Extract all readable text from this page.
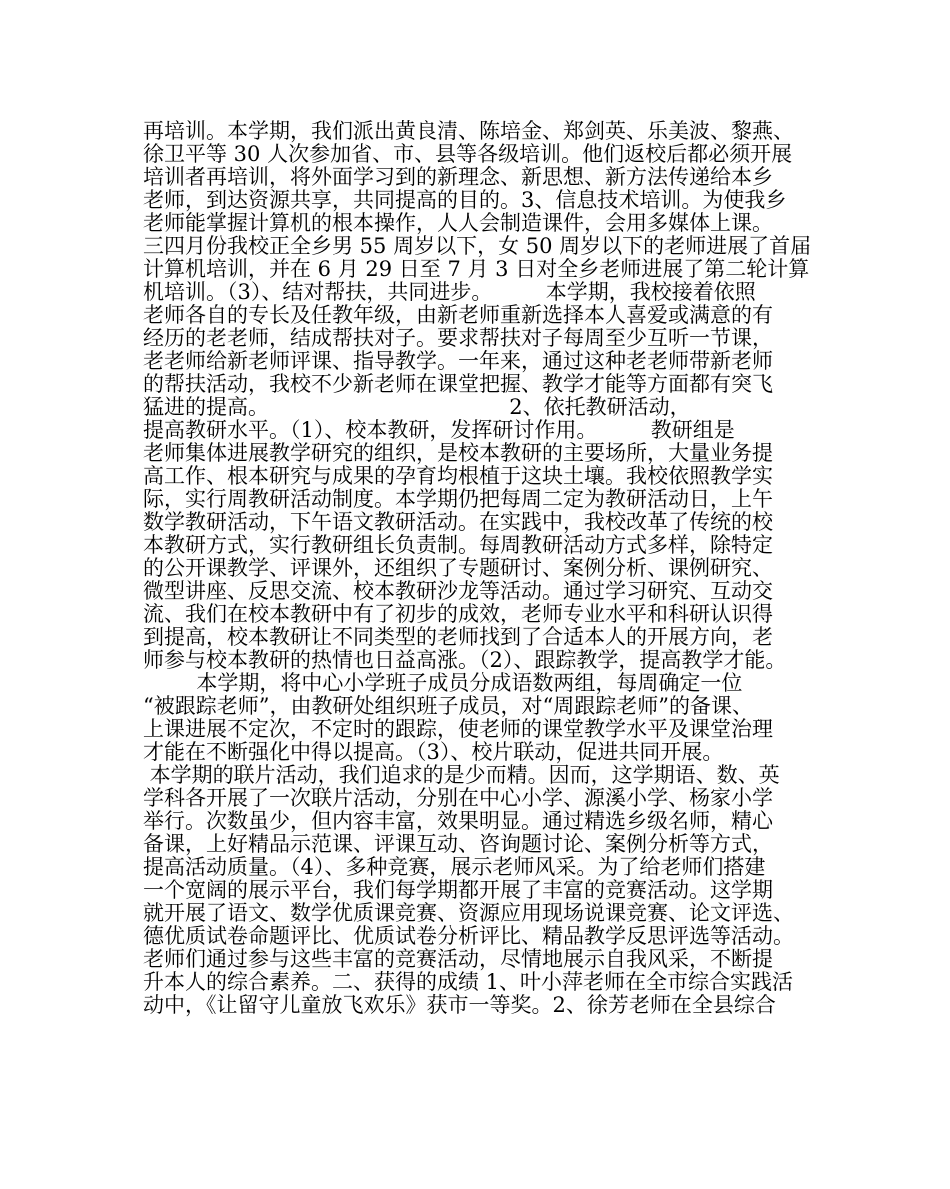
再培训。本学期，我们派出黄良清、陈培金、郑剑英、乐美波、黎燕、
徐卫平等 30 人次参加省、市、县等各级培训。他们返校后都必须开展
培训者再培训，将外面学习到的新理念、新思想、新方法传递给本乡
老师，到达资源共享，共同提高的目的。3、信息技术培训。为使我乡
老师能掌握计算机的根本操作，人人会制造课件，会用多媒体上课。
三四月份我校正全乡男 55 周岁以下，女 50 周岁以下的老师进展了首届
计算机培训，并在 6 月 29 日至 7 月 3 日对全乡老师进展了第二轮计算
机培训。（3）、结对帮扶，共同进步。        本学期，我校接着依照
老师各自的专长及任教年级，由新老师重新选择本人喜爱或满意的有
经历的老老师，结成帮扶对子。要求帮扶对子每周至少互听一节课，
老老师给新老师评课、指导教学。一年来，通过这种老老师带新老师
的帮扶活动，我校不少新老师在课堂把握、教学才能等方面都有突飞
猛进的提高。                                    2、依托教研活动，
提高教研水平。（1）、校本教研，发挥研讨作用。        教研组是
老师集体进展教学研究的组织，是校本教研的主要场所，大量业务提
高工作、根本研究与成果的孕育均根植于这块土壤。我校依照教学实
际，实行周教研活动制度。本学期仍把每周二定为教研活动日，上午
数学教研活动，下午语文教研活动。在实践中，我校改革了传统的校
本教研方式，实行教研组长负责制。每周教研活动方式多样，除特定
的公开课教学、评课外，还组织了专题研讨、案例分析、课例研究、
微型讲座、反思交流、校本教研沙龙等活动。通过学习研究、互动交
流、我们在校本教研中有了初步的成效，老师专业水平和科研认识得
到提高，校本教研让不同类型的老师找到了合适本人的开展方向，老
师参与校本教研的热情也日益高涨。（2）、跟踪教学，提高教学才能。
本学期，将中心小学班子成员分成语数两组，每周确定一位
“被跟踪老师”，由教研处组织班子成员，对“周跟踪老师”的备课、
上课进展不定次，不定时的跟踪，使老师的课堂教学水平及课堂治理
才能在不断强化中得以提高。（3）、校片联动，促进共同开展。
本学期的联片活动，我们追求的是少而精。因而，这学期语、数、英
学科各开展了一次联片活动，分别在中心小学、源溪小学、杨家小学
举行。次数虽少，但内容丰富，效果明显。通过精选乡级名师，精心
备课，上好精品示范课、评课互动、咨询题讨论、案例分析等方式，
提高活动质量。（4）、多种竞赛，展示老师风采。为了给老师们搭建
一个宽阔的展示平台，我们每学期都开展了丰富的竞赛活动。这学期
就开展了语文、数学优质课竞赛、资源应用现场说课竞赛、论文评选、
德优质试卷命题评比、优质试卷分析评比、精品教学反思评选等活动。
老师们通过参与这些丰富的竞赛活动，尽情地展示自我风采，不断提
升本人的综合素养。二、获得的成绩 1、叶小萍老师在全市综合实践活
动中，《让留守儿童放飞欢乐》获市一等奖。2、徐芳老师在全县综合
